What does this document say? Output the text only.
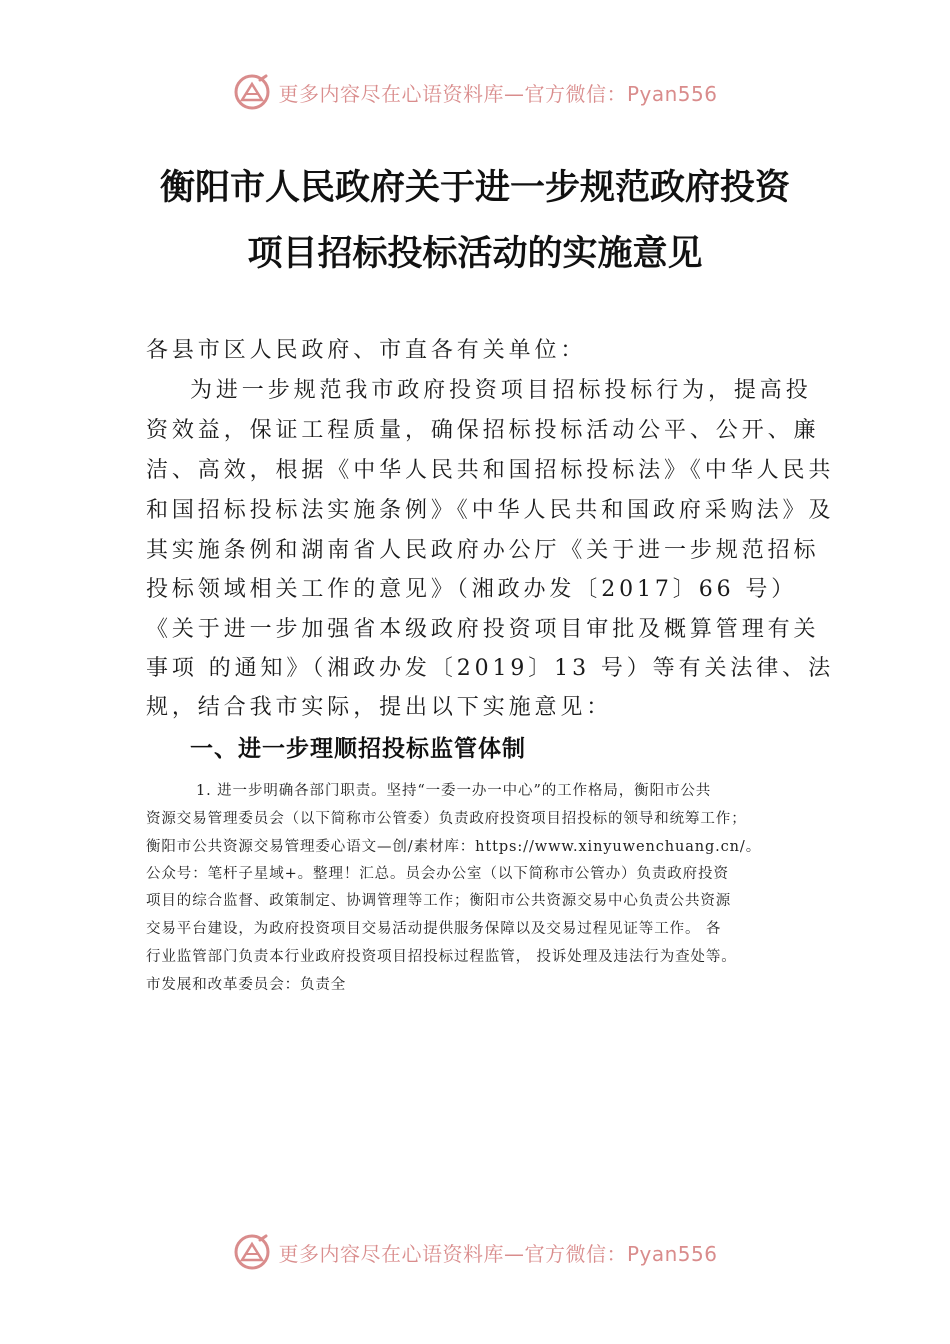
更多内容尽在心语资料库—官方微信：Pyan556
衡阳市人民政府关于进一步规范政府投资
项目招标投标活动的实施意见
各县市区人民政府、市直各有关单位：
为进一步规范我市政府投资项目招标投标行为，提高投
资效益，保证工程质量，确保招标投标活动公平、公开、廉
洁、高效，根据《中华人民共和国招标投标法》《中华人民共
和国招标投标法实施条例》《中华人民共和国政府采购法》及
其实施条例和湖南省人民政府办公厅《关于进一步规范招标
投标领域相关工作的意见》（湘政办发〔2017〕66 号）
《关于进一步加强省本级政府投资项目审批及概算管理有关
事项 的通知》（湘政办发〔2019〕13 号）等有关法律、法
规，结合我市实际，提出以下实施意见：
一、进一步理顺招投标监管体制
1. 进一步明确各部门职责。坚持“一委一办一中心”的工作格局，衡阳市公共
资源交易管理委员会（以下简称市公管委）负责政府投资项目招投标的领导和统筹工作；
衡阳市公共资源交易管理委心语文—创/素材库：https://www.xinyuwenchuang.cn/。
公众号：笔杆子星域+。整理！汇总。员会办公室（以下简称市公管办）负责政府投资
项目的综合监督、政策制定、协调管理等工作；衡阳市公共资源交易中心负责公共资源
交易平台建设，为政府投资项目交易活动提供服务保障以及交易过程见证等工作。 各
行业监管部门负责本行业政府投资项目招投标过程监管， 投诉处理及违法行为查处等。
市发展和改革委员会：负责全
更多内容尽在心语资料库—官方微信：Pyan556
